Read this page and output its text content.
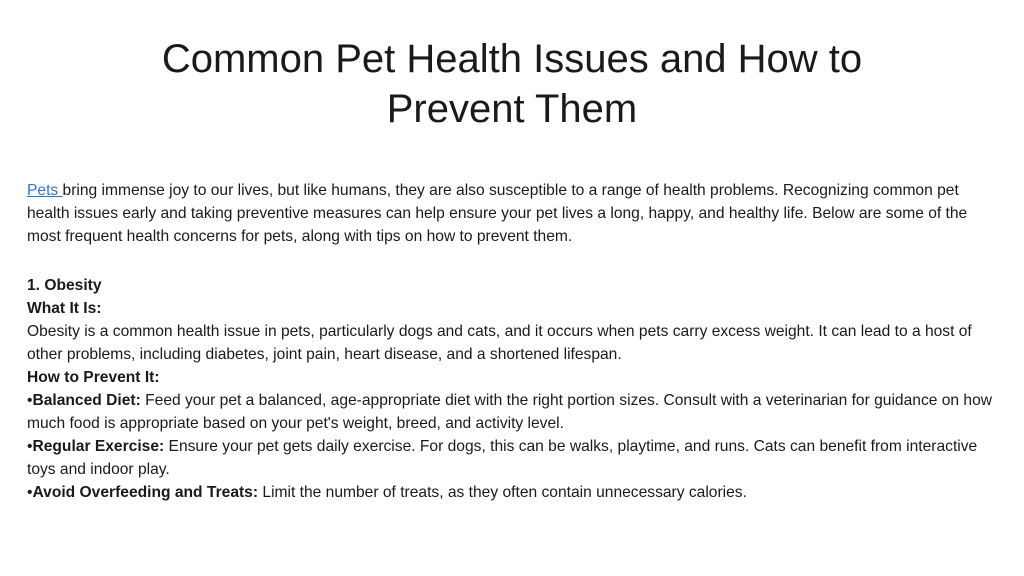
Common Pet Health Issues and How to
Prevent Them

Pets bring immense joy to our lives, but like humans, they are also susceptible to a range of health problems. Recognizing common pet health issues early and taking preventive measures can help ensure your pet lives a long, happy, and healthy life. Below are some of the most frequent health concerns for pets, along with tips on how to prevent them.

1. Obesity

What It Is:

Obesity is a common health issue in pets, particularly dogs and cats, and it occurs when pets carry excess weight. It can lead to a host of other problems, including diabetes, joint pain, heart disease, and a shortened lifespan.

How to Prevent It:

•Balanced Diet: Feed your pet a balanced, age-appropriate diet with the right portion sizes. Consult with a veterinarian for guidance on how much food is appropriate based on your pet's weight, breed, and activity level.

•Regular Exercise: Ensure your pet gets daily exercise. For dogs, this can be walks, playtime, and runs. Cats can benefit from interactive toys and indoor play.

•Avoid Overfeeding and Treats: Limit the number of treats, as they often contain unnecessary calories.
